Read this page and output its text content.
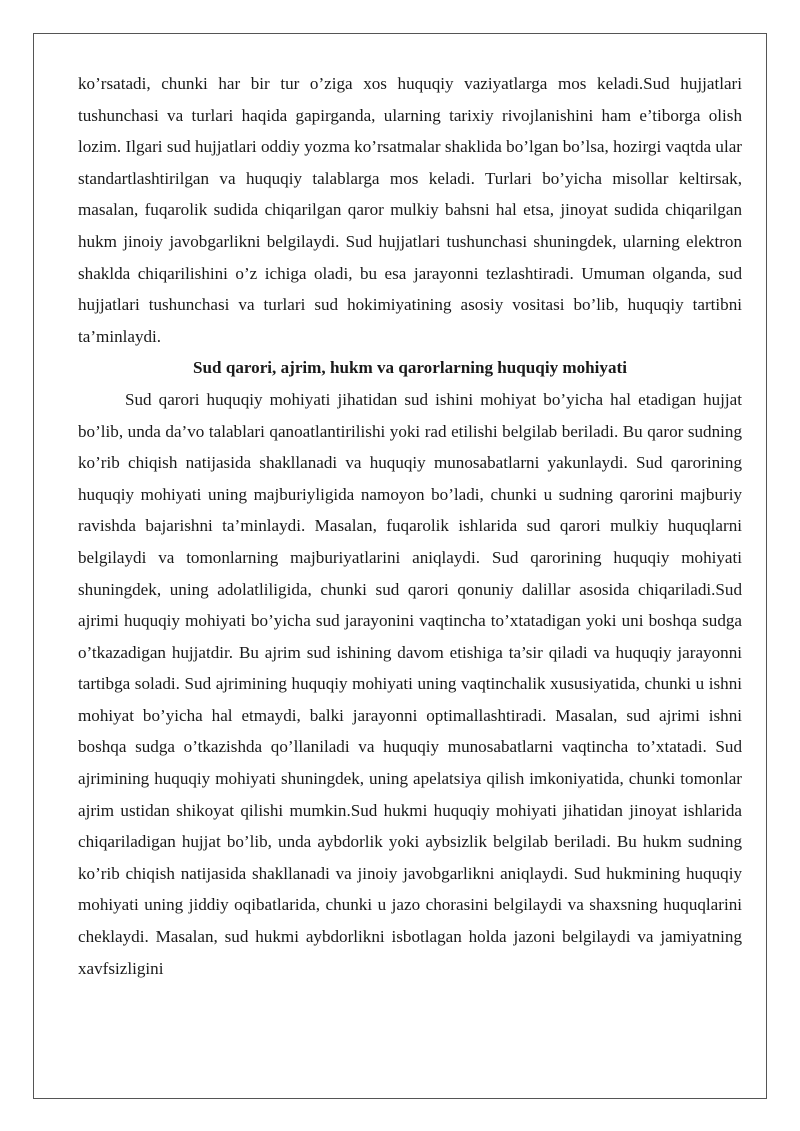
ko’rsatadi, chunki har bir tur o’ziga xos huquqiy vaziyatlarga mos keladi.Sud hujjatlari tushunchasi va turlari haqida gapirganda, ularning tarixiy rivojlanishini ham e’tiborga olish lozim. Ilgari sud hujjatlari oddiy yozma ko’rsatmalar shaklida bo’lgan bo’lsa, hozirgi vaqtda ular standartlashtirilgan va huquqiy talablarga mos keladi. Turlari bo’yicha misollar keltirsak, masalan, fuqarolik sudida chiqarilgan qaror mulkiy bahsni hal etsa, jinoyat sudida chiqarilgan hukm jinoiy javobgarlikni belgilaydi. Sud hujjatlari tushunchasi shuningdek, ularning elektron shaklda chiqarilishini o’z ichiga oladi, bu esa jarayonni tezlashtiradi. Umuman olganda, sud hujjatlari tushunchasi va turlari sud hokimiyatining asosiy vositasi bo’lib, huquqiy tartibni ta’minlaydi.

Sud qarori, ajrim, hukm va qarorlarning huquqiy mohiyati

Sud qarori huquqiy mohiyati jihatidan sud ishini mohiyat bo’yicha hal etadigan hujjat bo’lib, unda da’vo talablari qanoatlantirilishi yoki rad etilishi belgilab beriladi. Bu qaror sudning ko’rib chiqish natijasida shakllanadi va huquqiy munosabatlarni yakunlaydi. Sud qarorining huquqiy mohiyati uning majburiyligida namoyon bo’ladi, chunki u sudning qarorini majburiy ravishda bajarishni ta’minlaydi. Masalan, fuqarolik ishlarida sud qarori mulkiy huquqlarni belgilaydi va tomonlarning majburiyatlarini aniqlaydi. Sud qarorining huquqiy mohiyati shuningdek, uning adolatliligida, chunki sud qarori qonuniy dalillar asosida chiqariladi.Sud ajrimi huquqiy mohiyati bo’yicha sud jarayonini vaqtincha to’xtatadigan yoki uni boshqa sudga o’tkazadigan hujjatdir. Bu ajrim sud ishining davom etishiga ta’sir qiladi va huquqiy jarayonni tartibga soladi. Sud ajrimining huquqiy mohiyati uning vaqtinchalik xususiyatida, chunki u ishni mohiyat bo’yicha hal etmaydi, balki jarayonni optimallashtiradi. Masalan, sud ajrimi ishni boshqa sudga o’tkazishda qo’llaniladi va huquqiy munosabatlarni vaqtincha to’xtatadi. Sud ajrimining huquqiy mohiyati shuningdek, uning apelatsiya qilish imkoniyatida, chunki tomonlar ajrim ustidan shikoyat qilishi mumkin.Sud hukmi huquqiy mohiyati jihatidan jinoyat ishlarida chiqariladigan hujjat bo’lib, unda aybdorlik yoki aybsizlik belgilab beriladi. Bu hukm sudning ko’rib chiqish natijasida shakllanadi va jinoiy javobgarlikni aniqlaydi. Sud hukmining huquqiy mohiyati uning jiddiy oqibatlarida, chunki u jazo chorasini belgilaydi va shaxsning huquqlarini cheklaydi. Masalan, sud hukmi aybdorlikni isbotlagan holda jazoni belgilaydi va jamiyatning xavfsizligini
